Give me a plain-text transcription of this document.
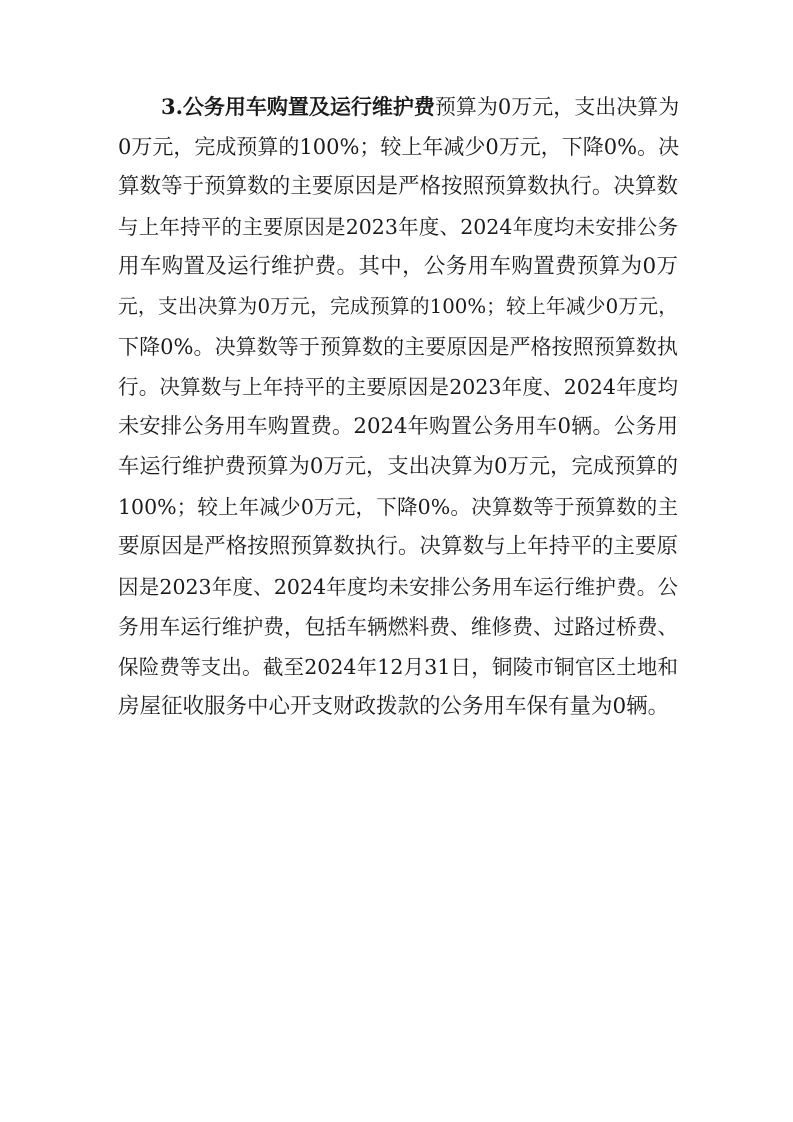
3.公务用车购置及运行维护费预算为0万元，支出决算为
0万元，完成预算的100%；较上年减少0万元，下降0%。决
算数等于预算数的主要原因是严格按照预算数执行。决算数
与上年持平的主要原因是2023年度、2024年度均未安排公务
用车购置及运行维护费。其中，公务用车购置费预算为0万
元，支出决算为0万元，完成预算的100%；较上年减少0万元，
下降0%。决算数等于预算数的主要原因是严格按照预算数执
行。决算数与上年持平的主要原因是2023年度、2024年度均
未安排公务用车购置费。2024年购置公务用车0辆。公务用
车运行维护费预算为0万元，支出决算为0万元，完成预算的
100%；较上年减少0万元，下降0%。决算数等于预算数的主
要原因是严格按照预算数执行。决算数与上年持平的主要原
因是2023年度、2024年度均未安排公务用车运行维护费。公
务用车运行维护费，包括车辆燃料费、维修费、过路过桥费、
保险费等支出。截至2024年12月31日，铜陵市铜官区土地和
房屋征收服务中心开支财政拨款的公务用车保有量为0辆。
